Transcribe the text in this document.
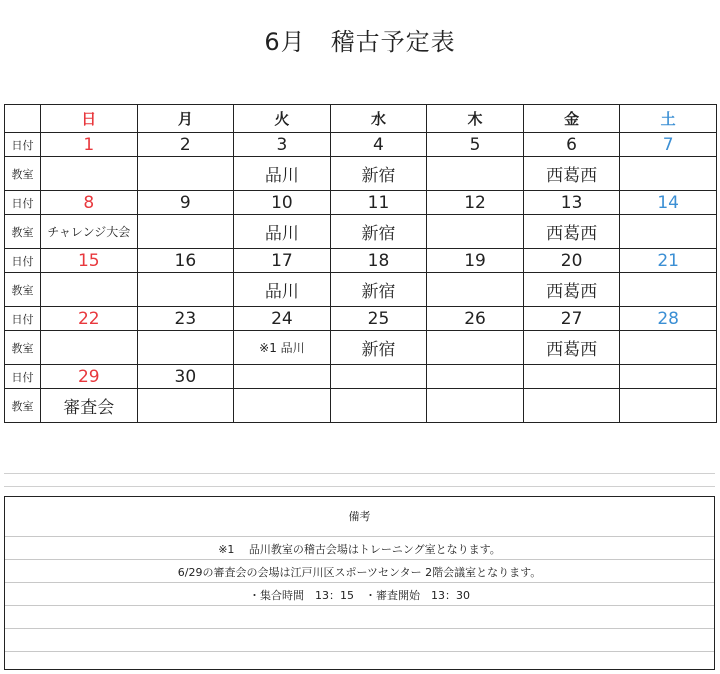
6月　稽古予定表
	日	月	火	水	木	金	土
日付	1	2	3	4	5	6	7
教室			品川	新宿		西葛西	
日付	8	9	10	11	12	13	14
教室	チャレンジ大会		品川	新宿		西葛西	
日付	15	16	17	18	19	20	21
教室			品川	新宿		西葛西	
日付	22	23	24	25	26	27	28
教室			※1 品川	新宿		西葛西	
日付	29	30					
教室	審査会						
備考
※1　 品川教室の稽古会場はトレーニング室となります。
6/29の審査会の会場は江戸川区スポーツセンター 2階会議室となります。
・集合時間　13：15　・審査開始　13：30
